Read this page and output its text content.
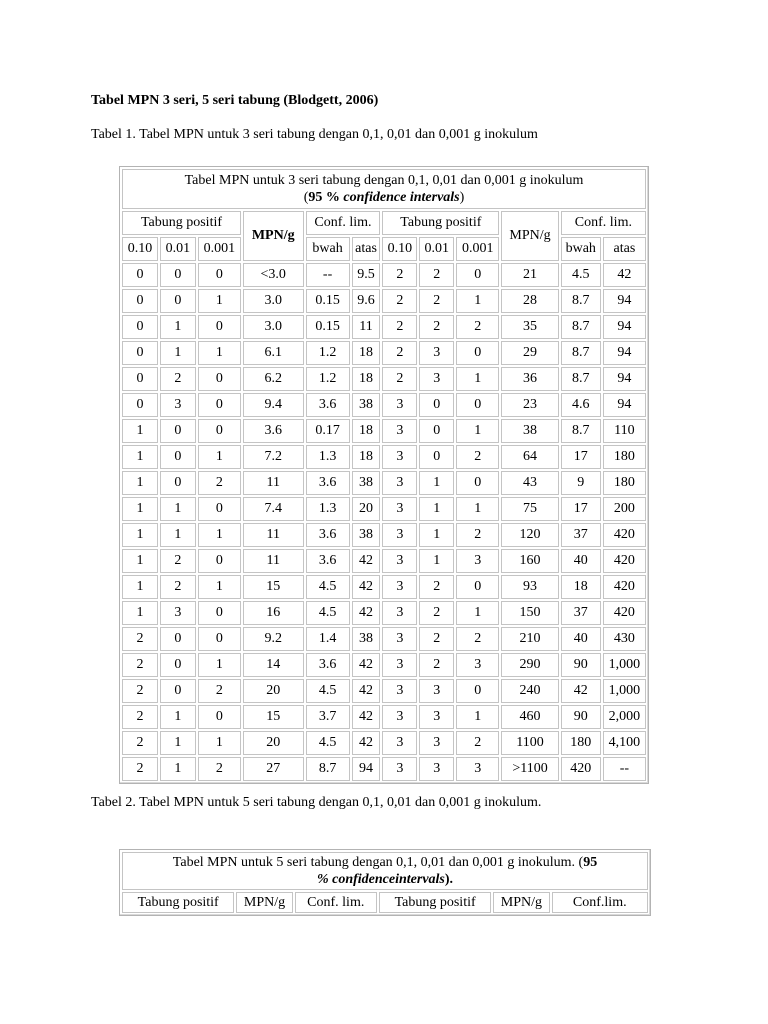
Tabel MPN 3 seri, 5 seri tabung (Blodgett, 2006)

Tabel 1. Tabel MPN untuk 3 seri tabung dengan 0,1, 0,01 dan 0,001 g inokulum

Tabel MPN untuk 3 seri tabung dengan 0,1, 0,01 dan 0,001 g inokulum
(95 % confidence intervals)											
Tabung positif			MPN/g	Conf. lim.		Tabung positif			MPN/g	Conf. lim.	
0.10	0.01	0.001		bwah	atas	0.10	0.01	0.001		bwah	atas
0	0	0	<3.0	--	9.5	2	2	0	21	4.5	42
0	0	1	3.0	0.15	9.6	2	2	1	28	8.7	94
0	1	0	3.0	0.15	11	2	2	2	35	8.7	94
0	1	1	6.1	1.2	18	2	3	0	29	8.7	94
0	2	0	6.2	1.2	18	2	3	1	36	8.7	94
0	3	0	9.4	3.6	38	3	0	0	23	4.6	94
1	0	0	3.6	0.17	18	3	0	1	38	8.7	110
1	0	1	7.2	1.3	18	3	0	2	64	17	180
1	0	2	11	3.6	38	3	1	0	43	9	180
1	1	0	7.4	1.3	20	3	1	1	75	17	200
1	1	1	11	3.6	38	3	1	2	120	37	420
1	2	0	11	3.6	42	3	1	3	160	40	420
1	2	1	15	4.5	42	3	2	0	93	18	420
1	3	0	16	4.5	42	3	2	1	150	37	420
2	0	0	9.2	1.4	38	3	2	2	210	40	430
2	0	1	14	3.6	42	3	2	3	290	90	1,000
2	0	2	20	4.5	42	3	3	0	240	42	1,000
2	1	0	15	3.7	42	3	3	1	460	90	2,000
2	1	1	20	4.5	42	3	3	2	1100	180	4,100
2	1	2	27	8.7	94	3	3	3	>1100	420	--

Tabel 2. Tabel MPN untuk 5 seri tabung dengan 0,1, 0,01 dan 0,001 g inokulum.

Tabel MPN untuk 5 seri tabung dengan 0,1, 0,01 dan 0,001 g inokulum. (95
% confidenceintervals).
Tabung positif	MPN/g	Conf. lim.	Tabung positif	MPN/g	Conf.lim.
